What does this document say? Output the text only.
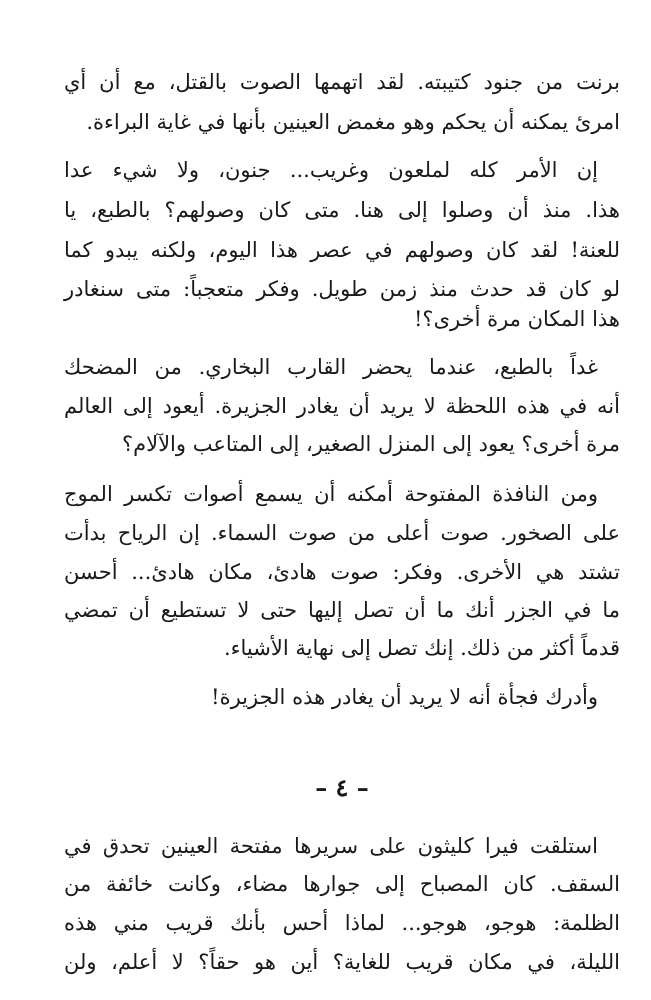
برنت من جنود كتيبته. لقد اتهمها الصوت بالقتل، مع أن أي
امرئ يمكنه أن يحكم وهو مغمض العينين بأنها في غاية البراءة.
إن الأمر كله لملعون وغريب... جنون، ولا شيء عدا
هذا. منذ أن وصلوا إلى هنا. متى كان وصولهم؟ بالطبع، يا
للعنة! لقد كان وصولهم في عصر هذا اليوم، ولكنه يبدو كما
لو كان قد حدث منذ زمن طويل. وفكر متعجباً: متى سنغادر
هذا المكان مرة أخرى؟!
غداً بالطبع، عندما يحضر القارب البخاري. من المضحك
أنه في هذه اللحظة لا يريد أن يغادر الجزيرة. أيعود إلى العالم
مرة أخرى؟ يعود إلى المنزل الصغير، إلى المتاعب والآلام؟
ومن النافذة المفتوحة أمكنه أن يسمع أصوات تكسر الموج
على الصخور. صوت أعلى من صوت السماء. إن الرياح بدأت
تشتد هي الأخرى. وفكر: صوت هادئ، مكان هادئ... أحسن
ما في الجزر أنك ما أن تصل إليها حتى لا تستطيع أن تمضي
قدماً أكثر من ذلك. إنك تصل إلى نهاية الأشياء.
وأدرك فجأة أنه لا يريد أن يغادر هذه الجزيرة!
– ٤ –
استلقت فيرا كليثون على سريرها مفتحة العينين تحدق في
السقف. كان المصباح إلى جوارها مضاء، وكانت خائفة من
الظلمة: هوجو، هوجو... لماذا أحس بأنك قريب مني هذه
الليلة، في مكان قريب للغاية؟ أين هو حقاً؟ لا أعلم، ولن
